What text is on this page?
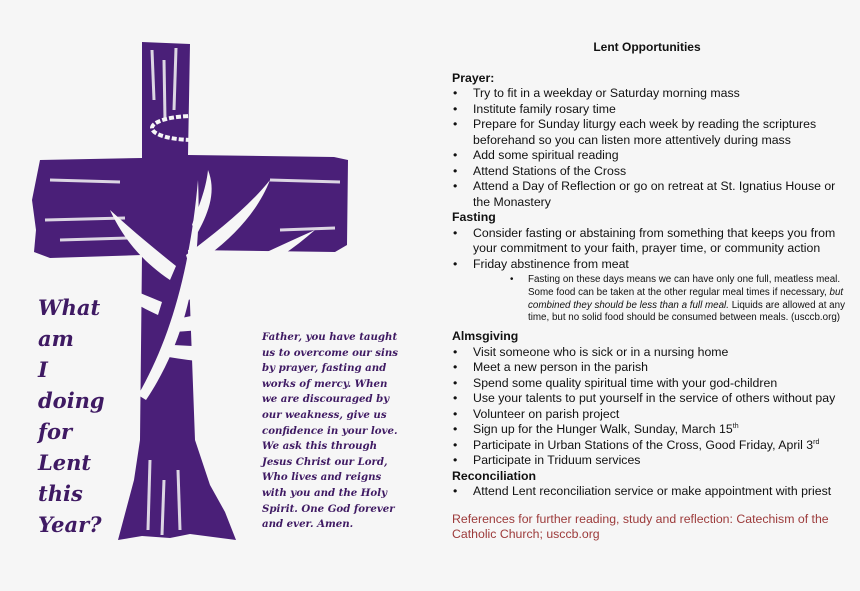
What
am
I
doing
for
Lent
this
Year?
Father, you have taught us to overcome our sins by prayer, fasting and works of mercy. When we are discouraged by our weakness, give us confidence in your love. We ask this through Jesus Christ our Lord, Who lives and reigns with you and the Holy Spirit. One God forever and ever. Amen.
Lent Opportunities
Prayer:
• Try to fit in a weekday or Saturday morning mass
• Institute family rosary time
• Prepare for Sunday liturgy each week by reading the scriptures beforehand so you can listen more attentively during mass
• Add some spiritual reading
• Attend Stations of the Cross
• Attend a Day of Reflection or go on retreat at St. Ignatius House or the Monastery
Fasting
• Consider fasting or abstaining from something that keeps you from your commitment to your faith, prayer time, or community action
• Friday abstinence from meat
• Fasting on these days means we can have only one full, meatless meal. Some food can be taken at the other regular meal times if necessary, but combined they should be less than a full meal. Liquids are allowed at any time, but no solid food should be consumed between meals. (usccb.org)
Almsgiving
• Visit someone who is sick or in a nursing home
• Meet a new person in the parish
• Spend some quality spiritual time with your god-children
• Use your talents to put yourself in the service of others without pay
• Volunteer on parish project
• Sign up for the Hunger Walk, Sunday, March 15th
• Participate in Urban Stations of the Cross, Good Friday, April 3rd
• Participate in Triduum services
Reconciliation
• Attend Lent reconciliation service or make appointment with priest
References for further reading, study and reflection: Catechism of the Catholic Church; usccb.org
